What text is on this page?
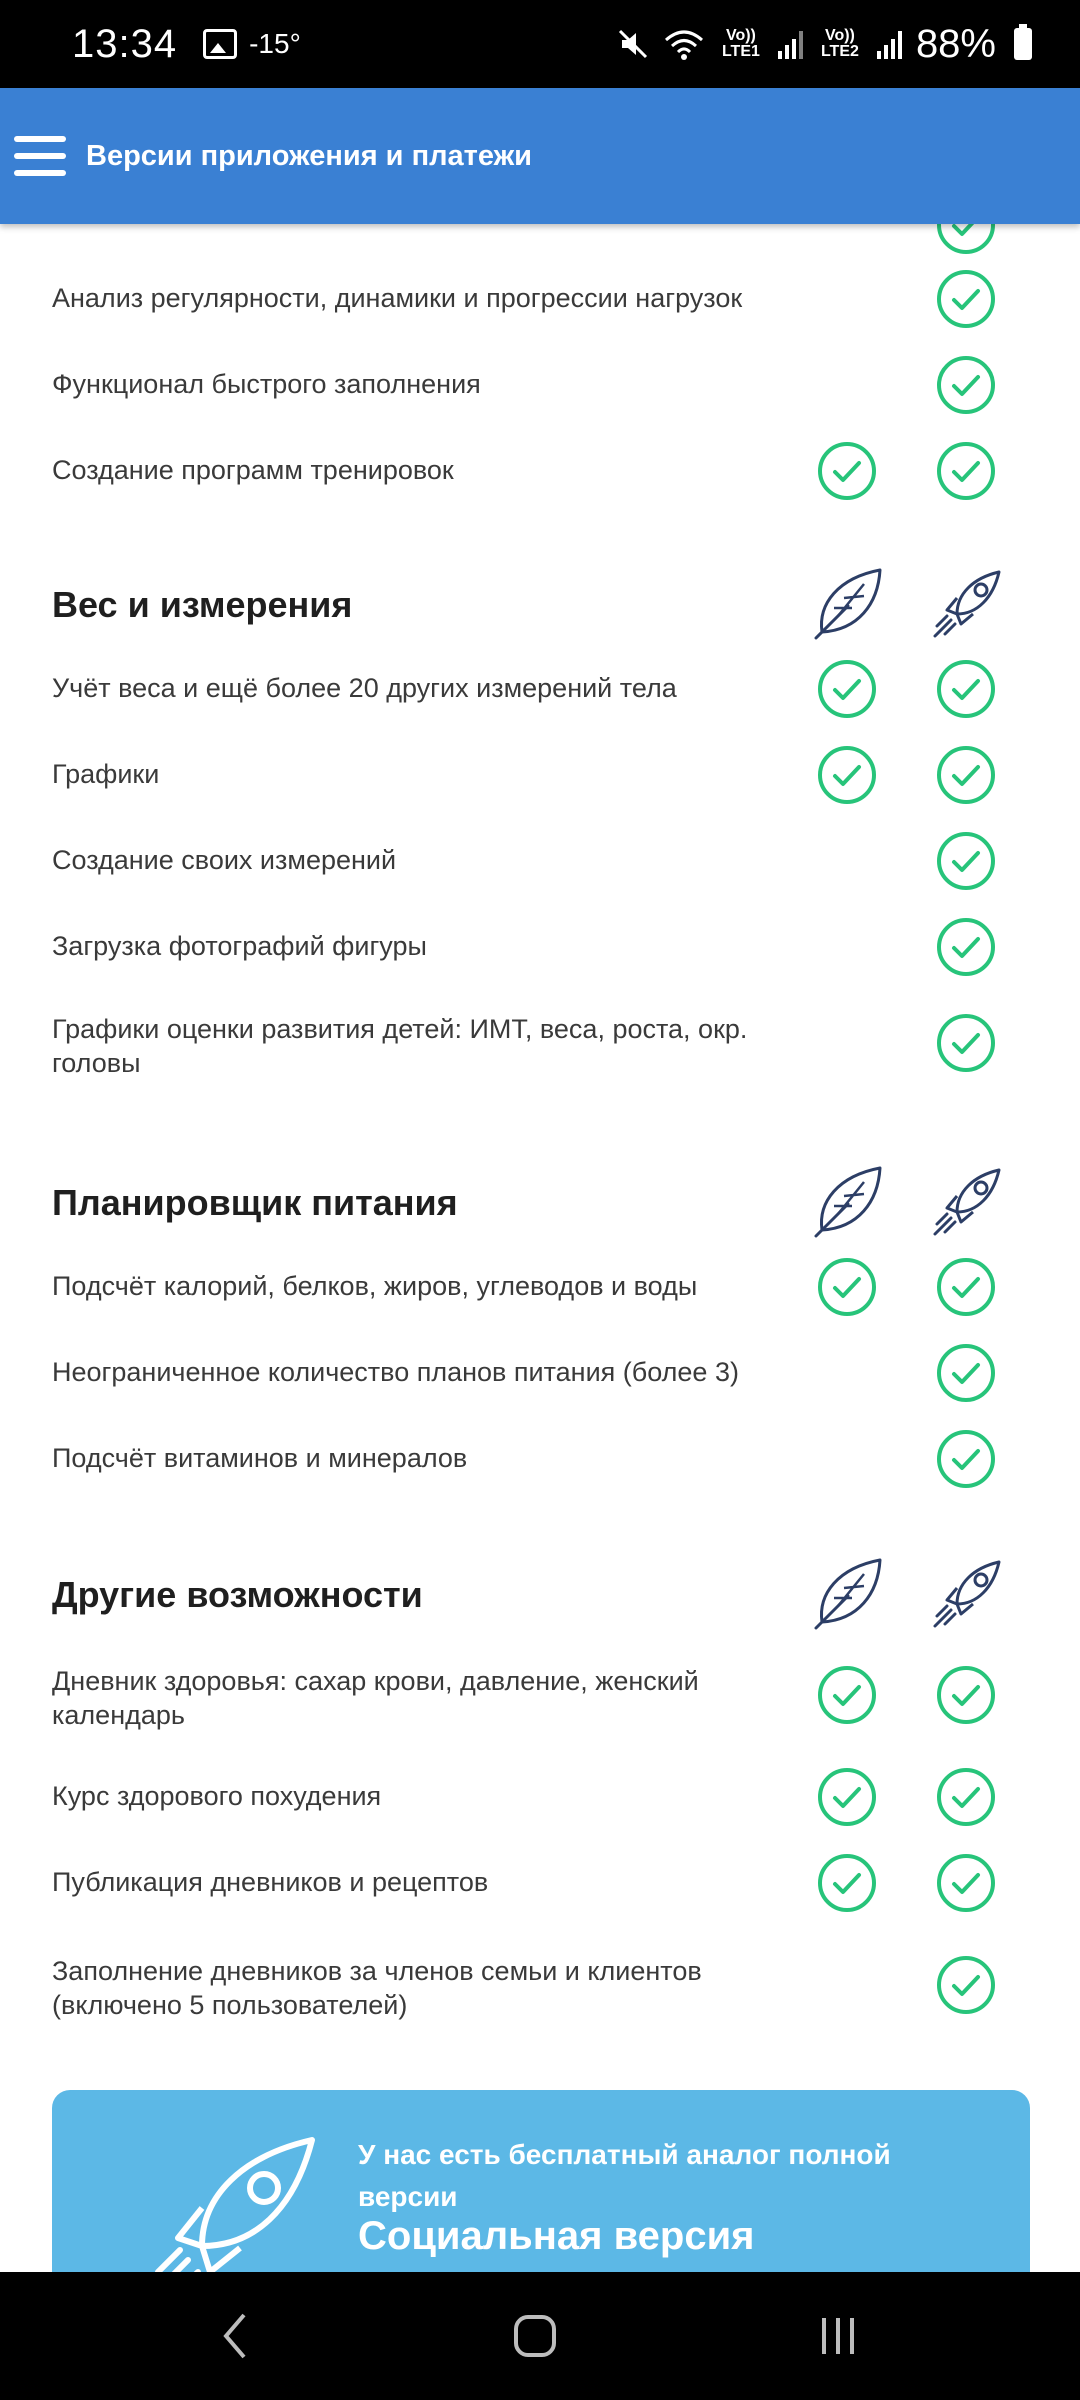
13:34	-15°	Vo)) LTE1
Vo)) LTE2 88%
Версии приложения и платежи
Анализ регулярности, динамики и прогрессии нагрузок
Функционал быстрого заполнения
Создание программ тренировок
Вес и измерения
Учёт веса и ещё более 20 других измерений тела
Графики
Создание своих измерений
Загрузка фотографий фигуры
Графики оценки развития детей: ИМТ, веса, роста, окр. головы
Планировщик питания
Подсчёт калорий, белков, жиров, углеводов и воды
Неограниченное количество планов питания (более 3)
Подсчёт витаминов и минералов
Другие возможности
Дневник здоровья: сахар крови, давление, женский календарь
Курс здорового похудения
Публикация дневников и рецептов
Заполнение дневников за членов семьи и клиентов (включено 5 пользователей)
У нас есть бесплатный аналог полной версии
Социальная версия
